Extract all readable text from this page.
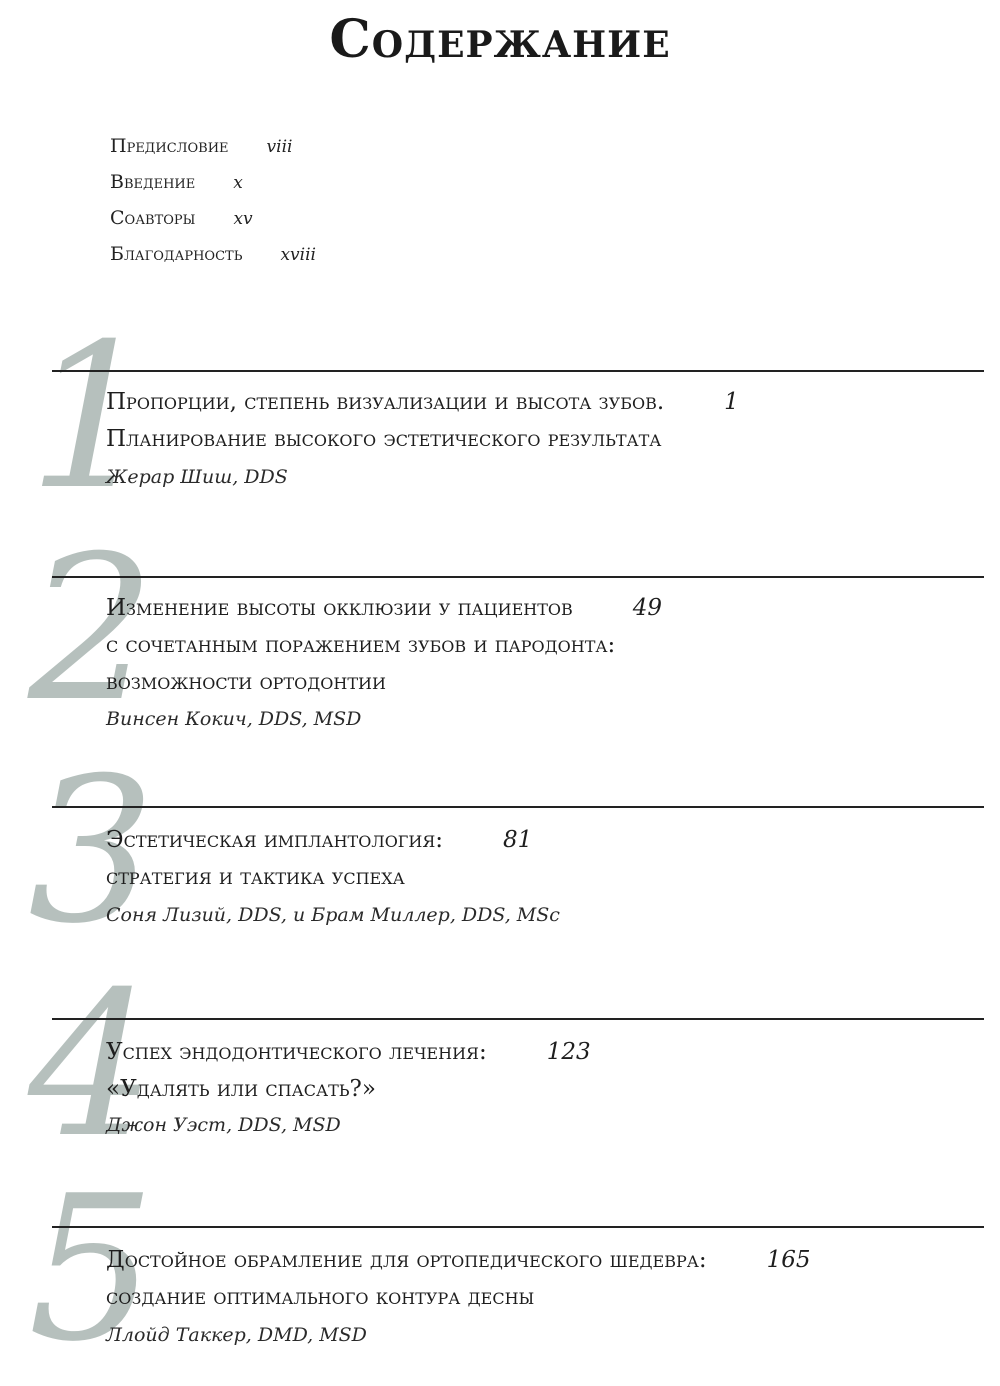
Содержание
Предисловие viii
Введение x
Соавторы xv
Благодарность xviii
1
Пропорции, степень визуализации и высота зубов.	1
Планирование высокого эстетического результата
Жерар Шиш, DDS
2
Изменение высоты окклюзии у пациентов	49
с сочетанным поражением зубов и пародонта:
возможности ортодонтии
Винсен Кокич, DDS, MSD
3
Эстетическая имплантология:	81
стратегия и тактика успеха
Соня Лизий, DDS, и Брам Миллер, DDS, MSc
4
Успех эндодонтического лечения:	123
«Удалять или спасать?»
Джон Уэст, DDS, MSD
5
Достойное обрамление для ортопедического шедевра:	165
создание оптимального контура десны
Ллойд Таккер, DMD, MSD
